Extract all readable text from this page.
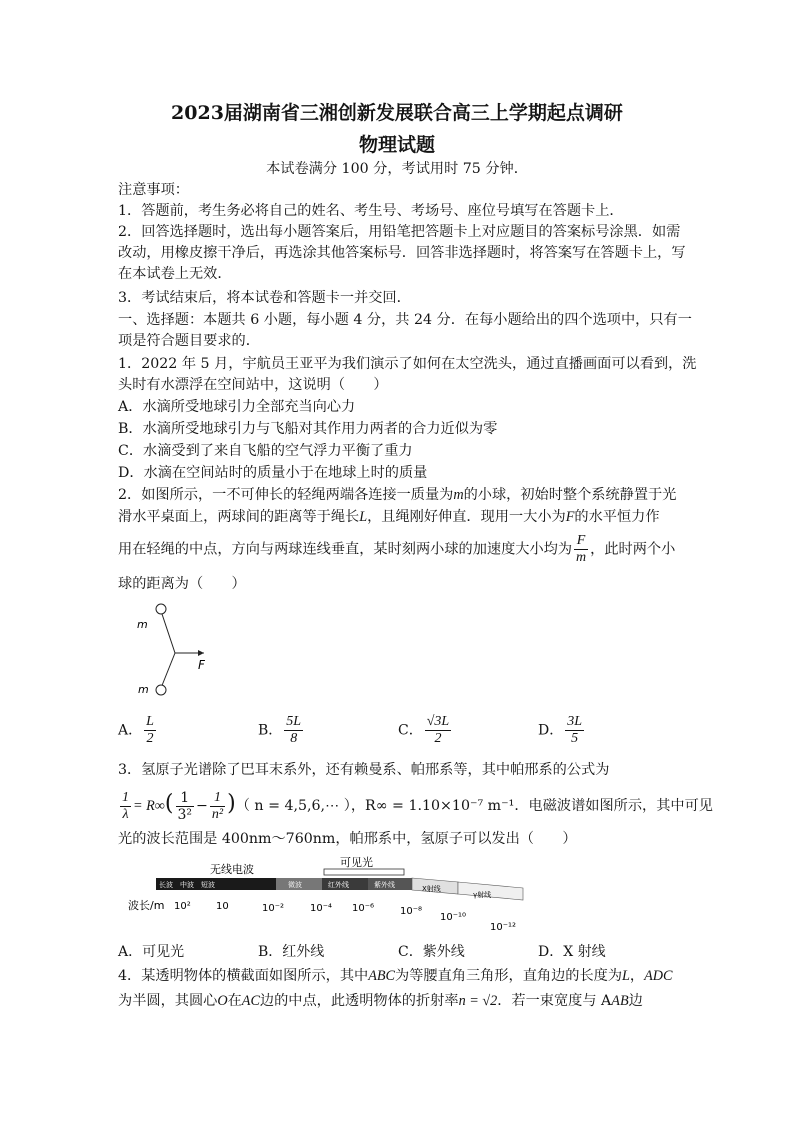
2023届湖南省三湘创新发展联合高三上学期起点调研
物理试题
本试卷满分 100 分，考试用时 75 分钟．
注意事项：
1．答题前，考生务必将自己的姓名、考生号、考场号、座位号填写在答题卡上．
2．回答选择题时，选出每小题答案后，用铅笔把答题卡上对应题目的答案标号涂黑．如需
改动，用橡皮擦干净后，再选涂其他答案标号．回答非选择题时，将答案写在答题卡上，写
在本试卷上无效．
3．考试结束后，将本试卷和答题卡一并交回．
一、选择题：本题共 6 小题，每小题 4 分，共 24 分．在每小题给出的四个选项中，只有一
项是符合题目要求的．
1．2022 年 5 月，宇航员王亚平为我们演示了如何在太空洗头，通过直播画面可以看到，洗
头时有水漂浮在空间站中，这说明（　　）
A．水滴所受地球引力全部充当向心力
B．水滴所受地球引力与飞船对其作用力两者的合力近似为零
C．水滴受到了来自飞船的空气浮力平衡了重力
D．水滴在空间站时的质量小于在地球上时的质量
2．如图所示，一不可伸长的轻绳两端各连接一质量为m的小球，初始时整个系统静置于光
滑水平桌面上，两球间的距离等于绳长L，且绳刚好伸直．现用一大小为F的水平恒力作
用在轻绳的中点，方向与两球连线垂直，某时刻两小球的加速度大小均为 $\frac{F}{m}$ ，此时两个小
球的距离为（　　）
m
m
F
A． $\frac{L}{2}$	B． $\frac{5L}{8}$	C． $\frac{√3L}{2}$	D． $\frac{3L}{5}$
3．氢原子光谱除了巴耳末系外，还有赖曼系、帕邢系等，其中帕邢系的公式为
$\frac{1}{\lambda} = R\infty( \frac{1}{\text{3²}} - \frac{1}{\text{n²}}$ )（ n = 4,5,6,⋯ ），R∞ = 1.10×10⁻⁷ m⁻¹．电磁波谱如图所示，其中可见
光的波长范围是 400nm～760nm，帕邢系中，氢原子可以发出（　　）
无线电波
可见光
长波 中波 短波	微波	红外线	紫外线	X射线
γ射线
波长/m 10²	10	10⁻²	10⁻⁴ 10⁻⁶	10⁻⁸
10⁻¹⁰
10⁻¹²
A．可见光	B．红外线	C．紫外线	D．X 射线
4．某透明物体的横截面如图所示，其中ABC为等腰直角三角形，直角边的长度为L，ADC
为半圆，其圆心O在AC边的中点，此透明物体的折射率n = √2．若一束宽度与 AAB边
